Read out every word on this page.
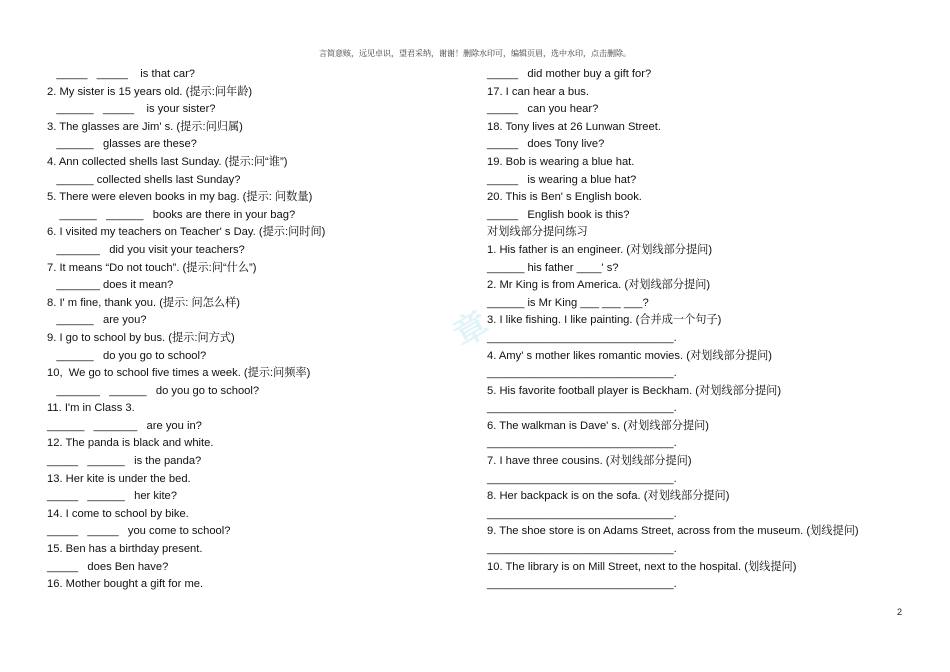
言简意赅，远见卓识，望君采纳，谢谢！删除水印可，编辑页眉，选中水印，点击删除。
章
_____   _____    is that car?
2. My sister is 15 years old. (提示:问年龄)
______   _____    is your sister?
3. The glasses are Jim' s. (提示:问归属)
______   glasses are these?
4. Ann collected shells last Sunday. (提示:问“谁”)
______ collected shells last Sunday?
5. There were eleven books in my bag. (提示: 问数量)
______   ______   books are there in your bag?
6. I visited my teachers on Teacher' s Day. (提示:问时间)
_______   did you visit your teachers?
7. It means “Do not touch”. (提示:问“什么”)
_______ does it mean?
8. I' m fine, thank you. (提示: 问怎么样)
______   are you?
9. I go to school by bus. (提示:问方式)
______   do you go to school?
10,  We go to school five times a week. (提示:问频率)
_______   ______   do you go to school?
11. I'm in Class 3.
______   _______   are you in?
12. The panda is black and white.
_____   ______   is the panda?
13. Her kite is under the bed.
_____   ______   her kite?
14. I come to school by bike.
_____   _____   you come to school?
15. Ben has a birthday present.
_____   does Ben have?
16. Mother bought a gift for me.
_____   did mother buy a gift for?
17. I can hear a bus.
_____   can you hear?
18. Tony lives at 26 Lunwan Street.
_____   does Tony live?
19. Bob is wearing a blue hat.
_____   is wearing a blue hat?
20. This is Ben' s English book.
_____   English book is this?
对划线部分提问练习
1. His father is an engineer. (对划线部分提问)
______ his father ____' s?
2. Mr King is from America. (对划线部分提问)
______ is Mr King ___ ___ ___?
3. I like fishing. I like painting. (合并成一个句子)
______________________________.
4. Amy' s mother likes romantic movies. (对划线部分提问)
______________________________.
5. His favorite football player is Beckham. (对划线部分提问)
______________________________.
6. The walkman is Dave' s. (对划线部分提问)
______________________________.
7. I have three cousins. (对划线部分提问)
______________________________.
8. Her backpack is on the sofa. (对划线部分提问)
______________________________.
9. The shoe store is on Adams Street, across from the museum. (划线提问)
______________________________.
10. The library is on Mill Street, next to the hospital. (划线提问)
______________________________.
2
